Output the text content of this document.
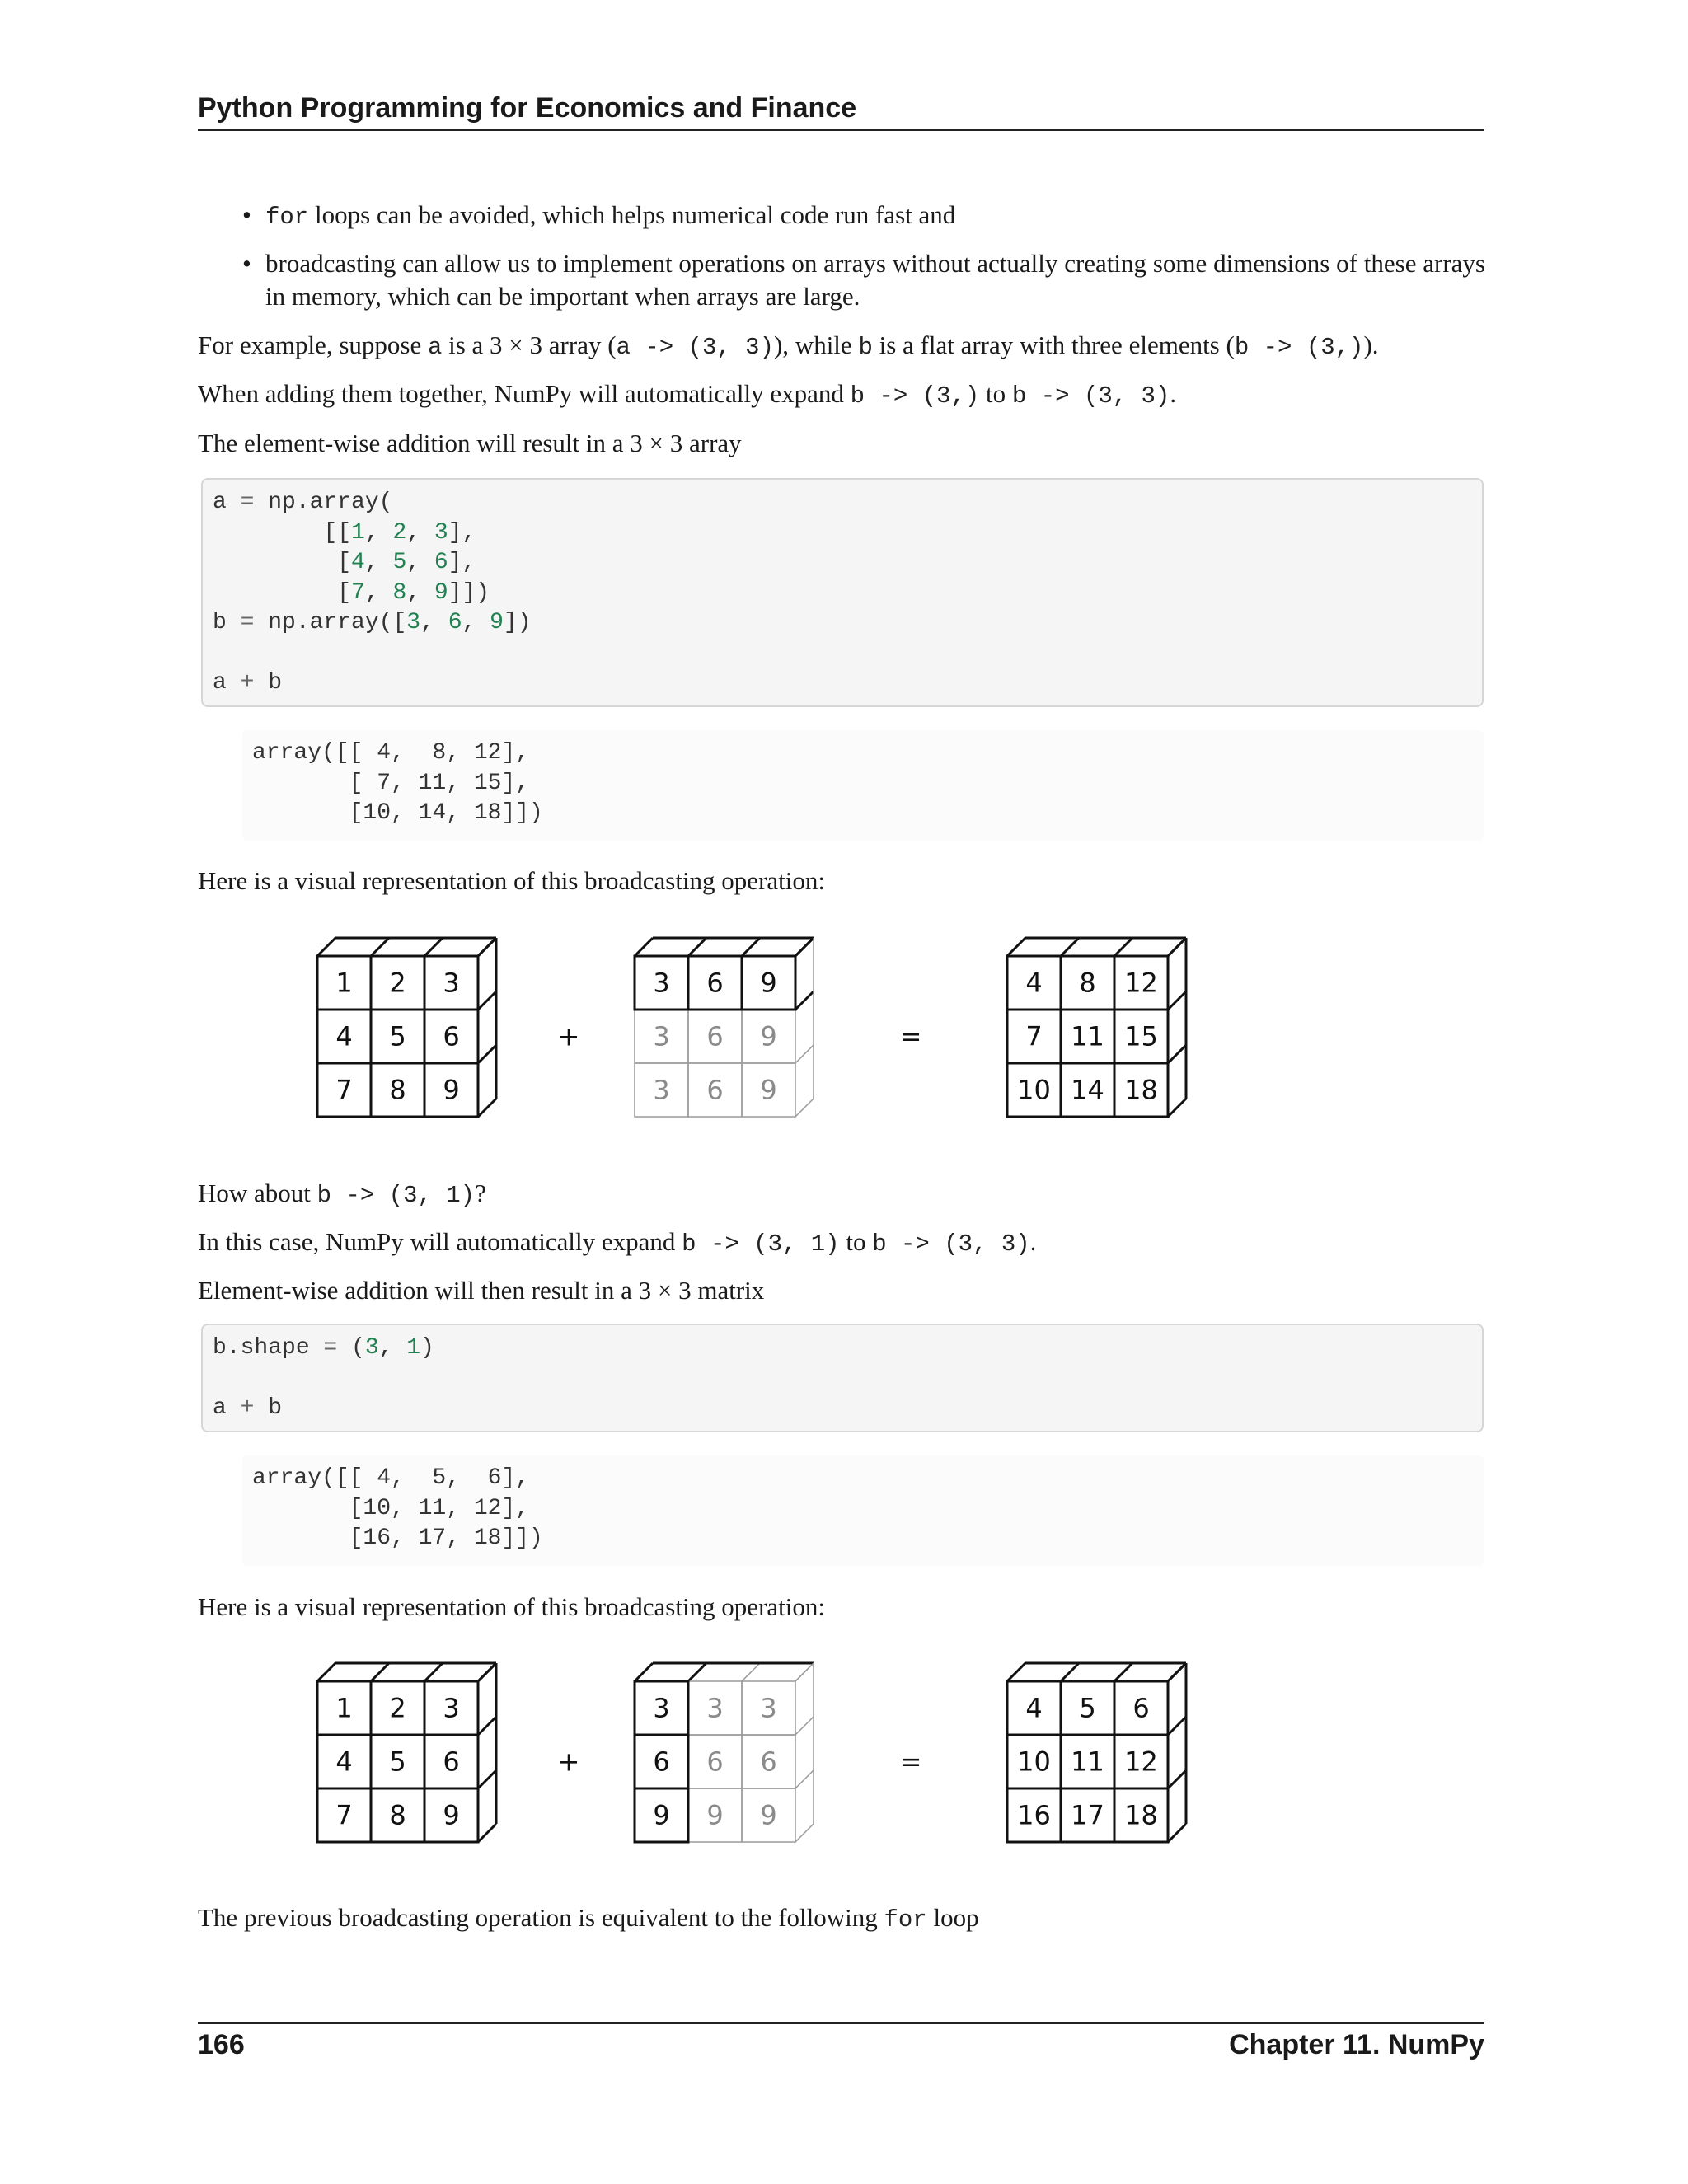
Python Programming for Economics and Finance
• for loops can be avoided, which helps numerical code run fast and
• broadcasting can allow us to implement operations on arrays without actually creating some dimensions of these arrays in memory, which can be important when arrays are large.
For example, suppose a is a 3 × 3 array (a -> (3, 3)), while b is a flat array with three elements (b -> (3,)).
When adding them together, NumPy will automatically expand b -> (3,) to b -> (3, 3).
The element-wise addition will result in a 3 × 3 array
a = np.array(
[[1, 2, 3],
[4, 5, 6],
[7, 8, 9]])
b = np.array([3, 6, 9])

a + b
array([[ 4,  8, 12],
[ 7, 11, 15],
[10, 14, 18]])
Here is a visual representation of this broadcasting operation:
1 2 3
4 5 6
7 8 9
+	3 6 9
3 6 9
3 6 9
=
4 8 12
7 11 15
10 14 18
How about b -> (3, 1)?
In this case, NumPy will automatically expand b -> (3, 1) to b -> (3, 3).
Element-wise addition will then result in a 3 × 3 matrix
b.shape = (3, 1)

a + b
array([[ 4,  5,  6],
[10, 11, 12],
[16, 17, 18]])
Here is a visual representation of this broadcasting operation:
1 2 3
4 5 6
7 8 9
+
3 3
6 6
9 9
3
6
9
=
4 5 6
10 11 12
16 17 18
The previous broadcasting operation is equivalent to the following for loop
166	Chapter 11. NumPy
